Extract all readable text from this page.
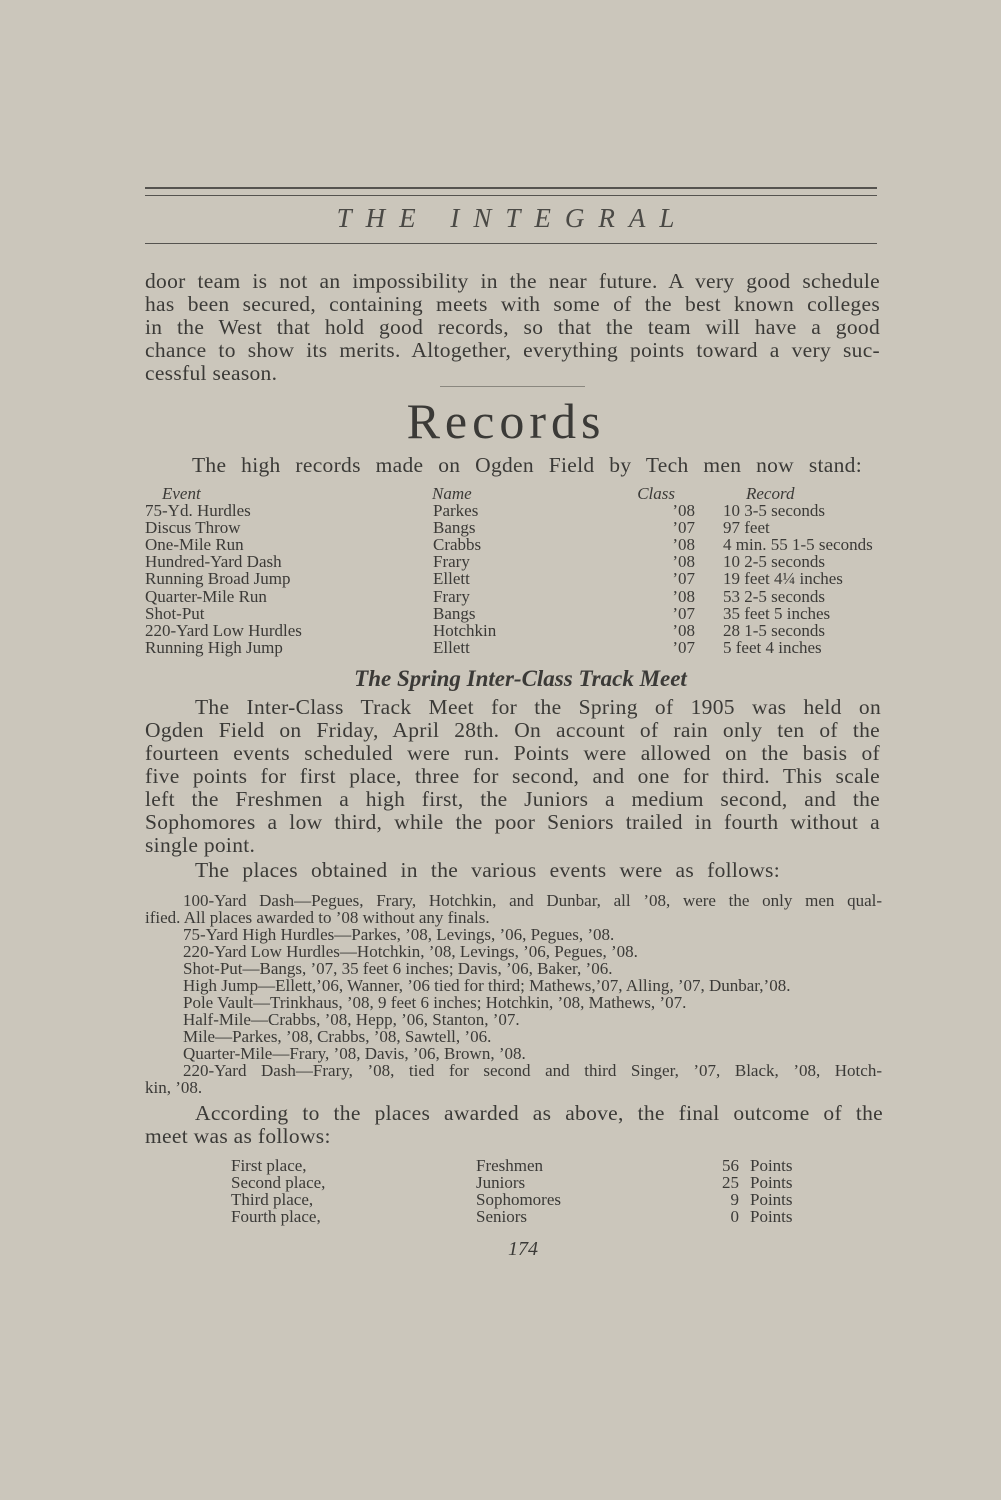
THE INTEGRAL
door team is not an impossibility in the near future. A very good schedule
has been secured, containing meets with some of the best known colleges
in the West that hold good records, so that the team will have a good
chance to show its merits. Altogether, everything points toward a very suc-
cessful season.
Records
The high records made on Ogden Field by Tech men now stand:
Event	Name	Class	Record
75-Yd. Hurdles	Parkes	’08 10 3-5 seconds
Discus Throw	Bangs	’07 97 feet
One-Mile Run	Crabbs	’08 4 min. 55 1-5 seconds
Hundred-Yard Dash	Frary	’08 10 2-5 seconds
Running Broad Jump	Ellett	’07 19 feet 4¼ inches
Quarter-Mile Run	Frary	’08 53 2-5 seconds
Shot-Put	Bangs	’07 35 feet 5 inches
220-Yard Low Hurdles	Hotchkin	’08 28 1-5 seconds
Running High Jump	Ellett	’07 5 feet 4 inches
The Spring Inter-Class Track Meet
The Inter-Class Track Meet for the Spring of 1905 was held on
Ogden Field on Friday, April 28th. On account of rain only ten of the
fourteen events scheduled were run. Points were allowed on the basis of
five points for first place, three for second, and one for third. This scale
left the Freshmen a high first, the Juniors a medium second, and the
Sophomores a low third, while the poor Seniors trailed in fourth without a
single point.
The places obtained in the various events were as follows:
100-Yard Dash—Pegues, Frary, Hotchkin, and Dunbar, all ’08, were the only men qual-
ified. All places awarded to ’08 without any finals.
75-Yard High Hurdles—Parkes, ’08, Levings, ’06, Pegues, ’08.
220-Yard Low Hurdles—Hotchkin, ’08, Levings, ’06, Pegues, ’08.
Shot-Put—Bangs, ’07, 35 feet 6 inches; Davis, ’06, Baker, ’06.
High Jump—Ellett,’06, Wanner, ’06 tied for third; Mathews,’07, Alling, ’07, Dunbar,’08.
Pole Vault—Trinkhaus, ’08, 9 feet 6 inches; Hotchkin, ’08, Mathews, ’07.
Half-Mile—Crabbs, ’08, Hepp, ’06, Stanton, ’07.
Mile—Parkes, ’08, Crabbs, ’08, Sawtell, ’06.
Quarter-Mile—Frary, ’08, Davis, ’06, Brown, ’08.
220-Yard Dash—Frary, ’08, tied for second and third Singer, ’07, Black, ’08, Hotch-
kin, ’08.
According to the places awarded as above, the final outcome of the
meet was as follows:
First place,	Freshmen	56 Points
Second place,	Juniors	25 Points
Third place,	Sophomores	9 Points
Fourth place,	Seniors	0 Points
174
